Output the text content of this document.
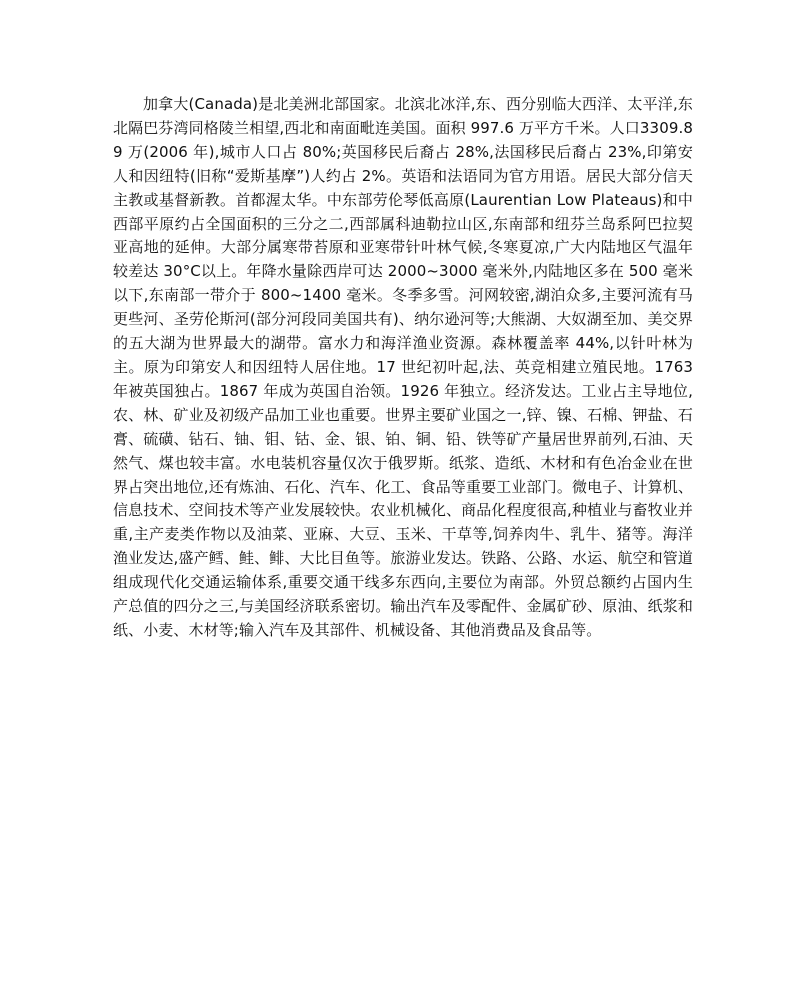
加拿大(Canada)是北美洲北部国家。北滨北冰洋,东、西分别临大西洋、太平洋,东北隔巴芬湾同格陵兰相望,西北和南面毗连美国。面积 997.6 万平方千米。人口3309.89 万(2006 年),城市人口占 80%;英国移民后裔占 28%,法国移民后裔占 23%,印第安人和因纽特(旧称“爱斯基摩”)人约占 2%。英语和法语同为官方用语。居民大部分信天主教或基督新教。首都渥太华。中东部劳伦琴低高原(Laurentian Low Plateaus)和中西部平原约占全国面积的三分之二,西部属科迪勒拉山区,东南部和纽芬兰岛系阿巴拉契亚高地的延伸。大部分属寒带苔原和亚寒带针叶林气候,冬寒夏凉,广大内陆地区气温年较差达 30°C以上。年降水量除西岸可达 2000~3000 毫米外,内陆地区多在 500 毫米以下,东南部一带介于 800~1400 毫米。冬季多雪。河网较密,湖泊众多,主要河流有马更些河、圣劳伦斯河(部分河段同美国共有)、纳尔逊河等;大熊湖、大奴湖至加、美交界的五大湖为世界最大的湖带。富水力和海洋渔业资源。森林覆盖率 44%,以针叶林为主。原为印第安人和因纽特人居住地。17 世纪初叶起,法、英竞相建立殖民地。1763 年被英国独占。1867 年成为英国自治领。1926 年独立。经济发达。工业占主导地位,农、林、矿业及初级产品加工业也重要。世界主要矿业国之一,锌、镍、石棉、钾盐、石膏、硫磺、钻石、铀、钼、钴、金、银、铂、铜、铅、铁等矿产量居世界前列,石油、天然气、煤也较丰富。水电装机容量仅次于俄罗斯。纸浆、造纸、木材和有色冶金业在世界占突出地位,还有炼油、石化、汽车、化工、食品等重要工业部门。微电子、计算机、信息技术、空间技术等产业发展较快。农业机械化、商品化程度很高,种植业与畜牧业并重,主产麦类作物以及油菜、亚麻、大豆、玉米、干草等,饲养肉牛、乳牛、猪等。海洋渔业发达,盛产鳕、鲑、鲱、大比目鱼等。旅游业发达。铁路、公路、水运、航空和管道组成现代化交通运输体系,重要交通干线多东西向,主要位为南部。外贸总额约占国内生产总值的四分之三,与美国经济联系密切。输出汽车及零配件、金属矿砂、原油、纸浆和纸、小麦、木材等;输入汽车及其部件、机械设备、其他消费品及食品等。
